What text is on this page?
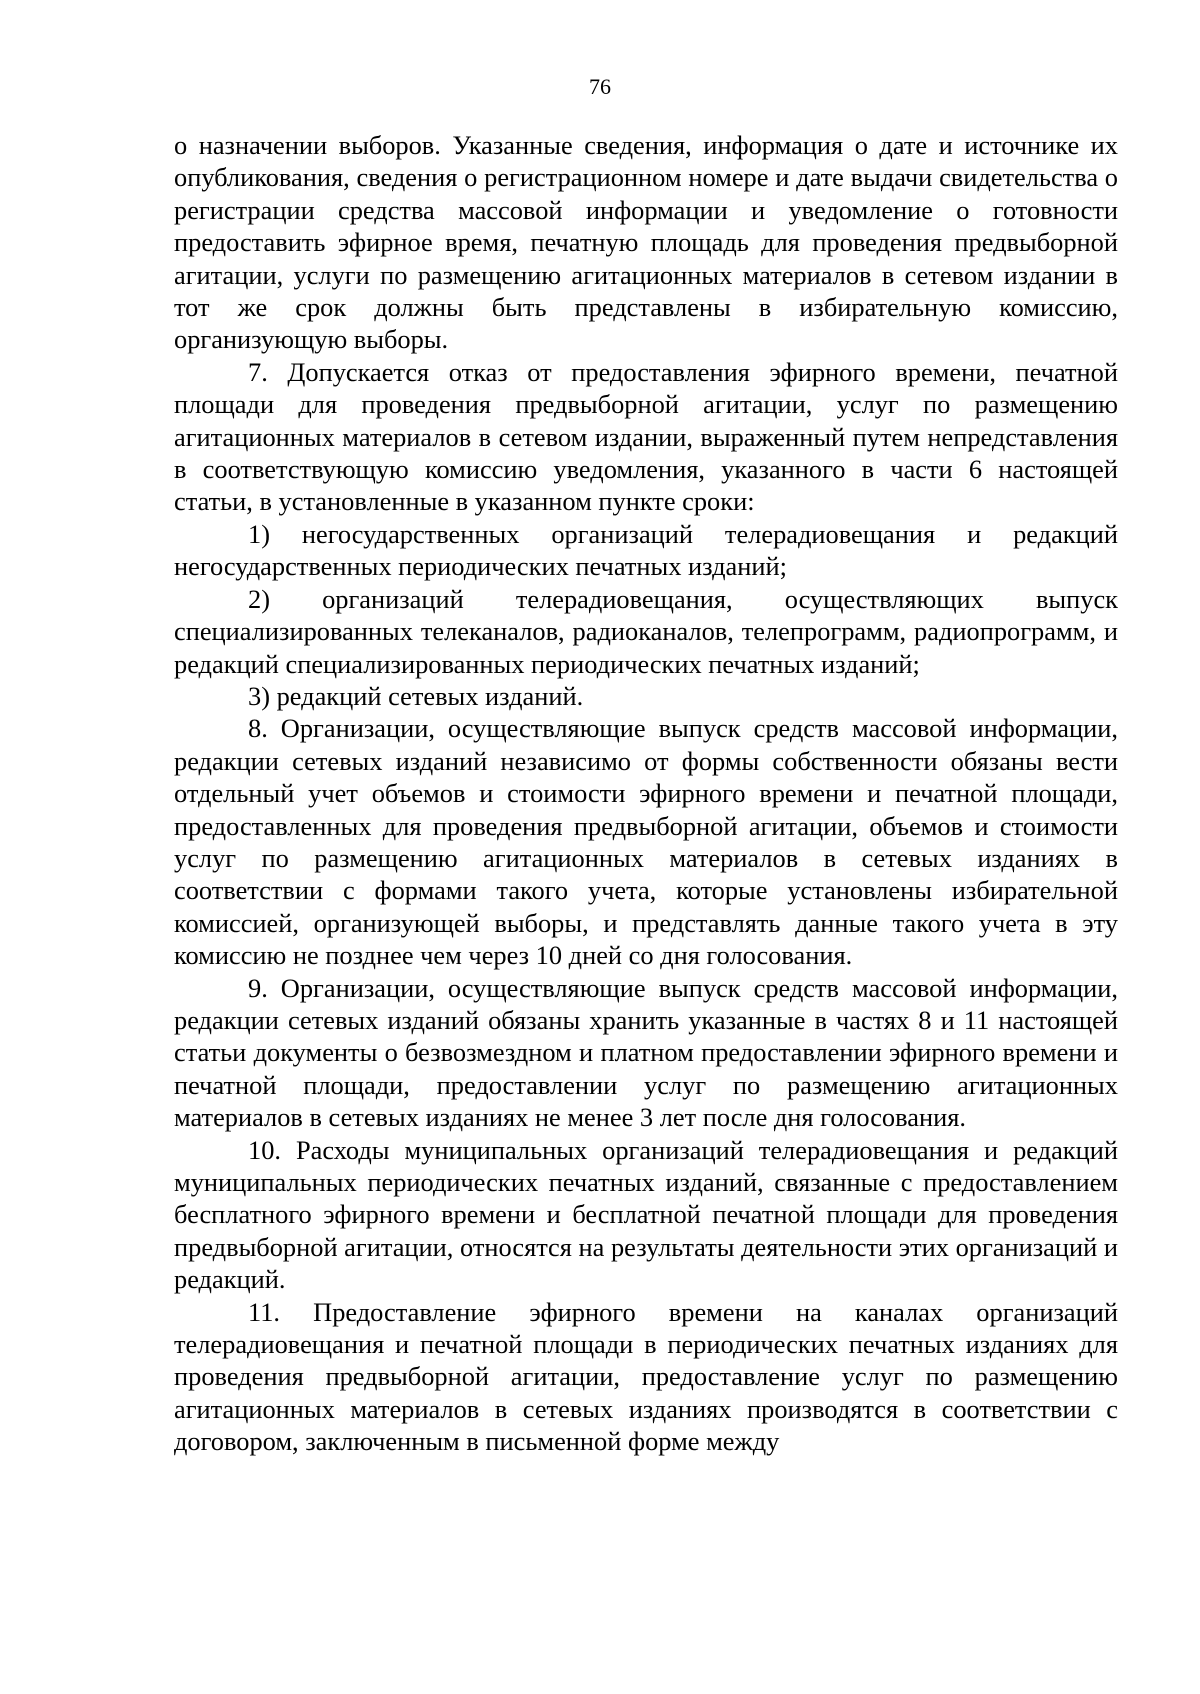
76

о назначении выборов. Указанные сведения, информация о дате и источнике их опубликования, сведения о регистрационном номере и дате выдачи свидетельства о регистрации средства массовой информации и уведомление о готовности предоставить эфирное время, печатную площадь для проведения предвыборной агитации, услуги по размещению агитационных материалов в сетевом издании в тот же срок должны быть представлены в избирательную комиссию, организующую выборы.

7. Допускается отказ от предоставления эфирного времени, печатной площади для проведения предвыборной агитации, услуг по размещению агитационных материалов в сетевом издании, выраженный путем непредставления в соответствующую комиссию уведомления, указанного в части 6 настоящей статьи, в установленные в указанном пункте сроки:

1) негосударственных организаций телерадиовещания и редакций негосударственных периодических печатных изданий;

2) организаций телерадиовещания, осуществляющих выпуск специализированных телеканалов, радиоканалов, телепрограмм, радиопрограмм, и редакций специализированных периодических печатных изданий;

3) редакций сетевых изданий.

8. Организации, осуществляющие выпуск средств массовой информации, редакции сетевых изданий независимо от формы собственности обязаны вести отдельный учет объемов и стоимости эфирного времени и печатной площади, предоставленных для проведения предвыборной агитации, объемов и стоимости услуг по размещению агитационных материалов в сетевых изданиях в соответствии с формами такого учета, которые установлены избирательной комиссией, организующей выборы, и представлять данные такого учета в эту комиссию не позднее чем через 10 дней со дня голосования.

9. Организации, осуществляющие выпуск средств массовой информации, редакции сетевых изданий обязаны хранить указанные в частях 8 и 11 настоящей статьи документы о безвозмездном и платном предоставлении эфирного времени и печатной площади, предоставлении услуг по размещению агитационных материалов в сетевых изданиях не менее 3 лет после дня голосования.

10. Расходы муниципальных организаций телерадиовещания и редакций муниципальных периодических печатных изданий, связанные с предоставлением бесплатного эфирного времени и бесплатной печатной площади для проведения предвыборной агитации, относятся на результаты деятельности этих организаций и редакций.

11. Предоставление эфирного времени на каналах организаций телерадиовещания и печатной площади в периодических печатных изданиях для проведения предвыборной агитации, предоставление услуг по размещению агитационных материалов в сетевых изданиях производятся в соответствии с договором, заключенным в письменной форме между
